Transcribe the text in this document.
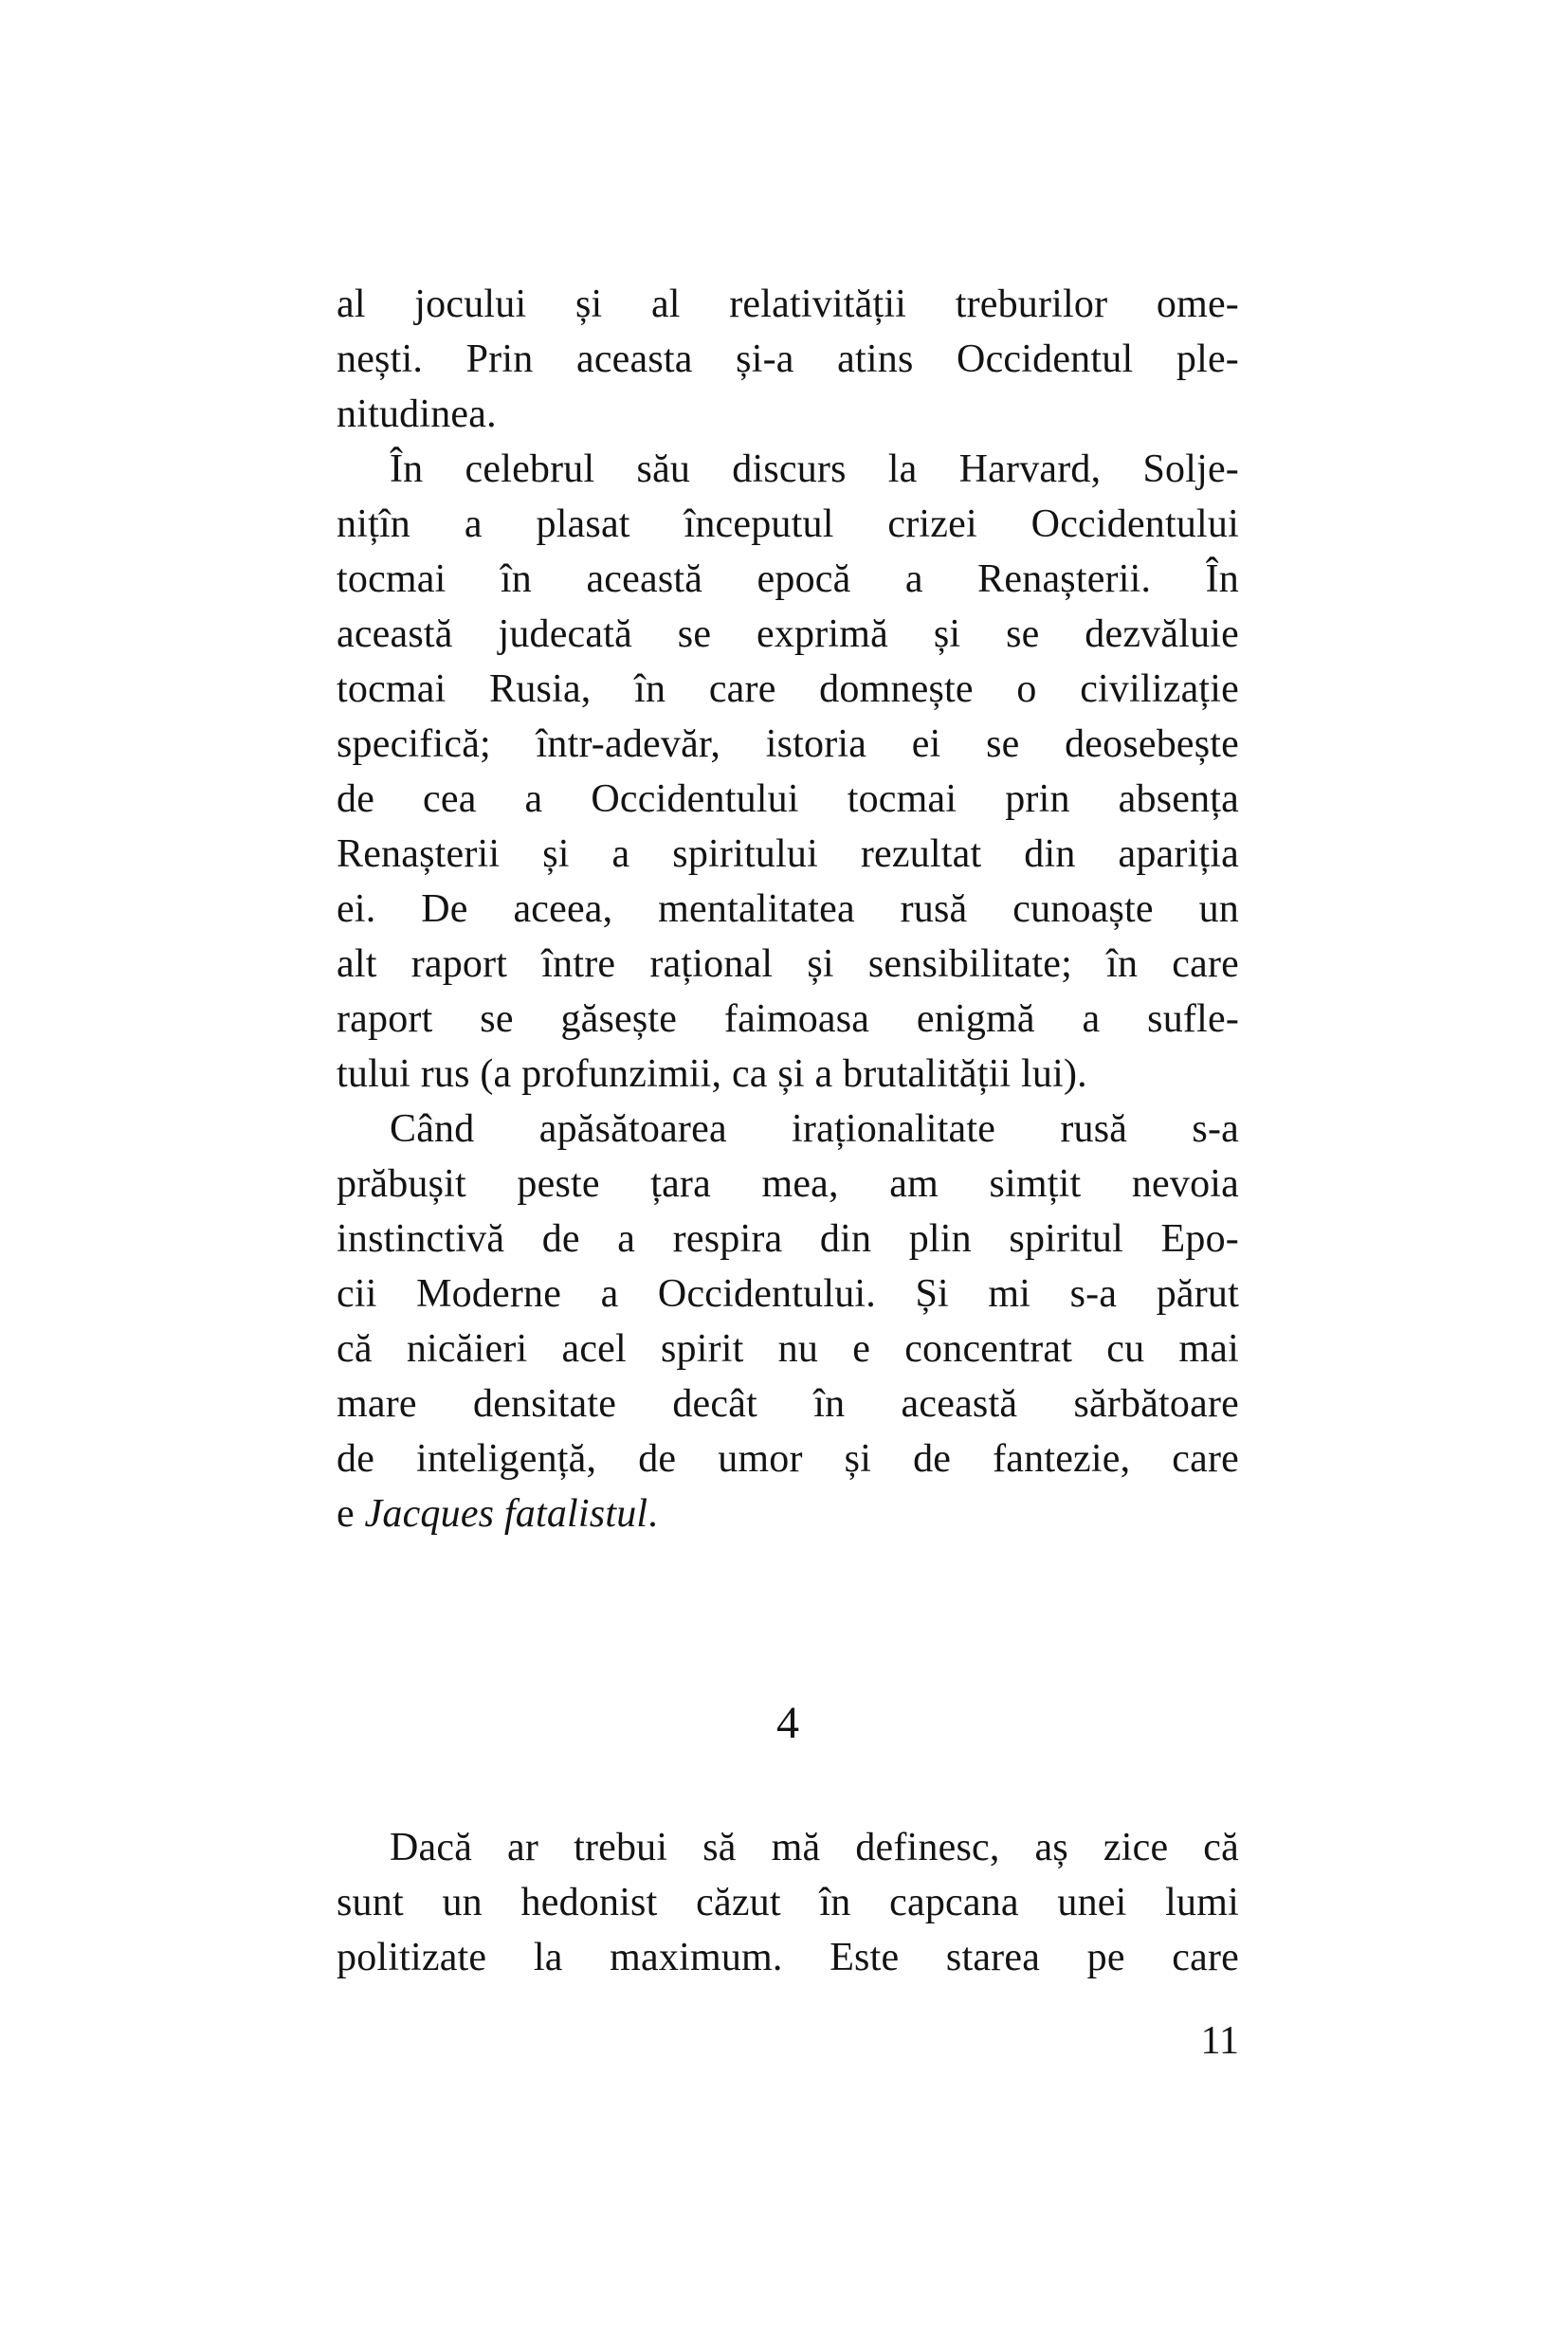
al jocului și al relativității treburilor ome-
nești. Prin aceasta și-a atins Occidentul ple-
nitudinea.
În celebrul său discurs la Harvard, Solje-
nițîn a plasat începutul crizei Occidentului
tocmai în această epocă a Renașterii. În
această judecată se exprimă și se dezvăluie
tocmai Rusia, în care domnește o civilizație
specifică; într-adevăr, istoria ei se deosebește
de cea a Occidentului tocmai prin absența
Renașterii și a spiritului rezultat din apariția
ei. De aceea, mentalitatea rusă cunoaște un
alt raport între rațional și sensibilitate; în care
raport se găsește faimoasa enigmă a sufle-
tului rus (a profunzimii, ca și a brutalității lui).
Când apăsătoarea iraționalitate rusă s-a
prăbușit peste țara mea, am simțit nevoia
instinctivă de a respira din plin spiritul Epo-
cii Moderne a Occidentului. Și mi s-a părut
că nicăieri acel spirit nu e concentrat cu mai
mare densitate decât în această sărbătoare
de inteligență, de umor și de fantezie, care
e Jacques fatalistul.
4
Dacă ar trebui să mă definesc, aș zice că
sunt un hedonist căzut în capcana unei lumi
politizate la maximum. Este starea pe care
11
